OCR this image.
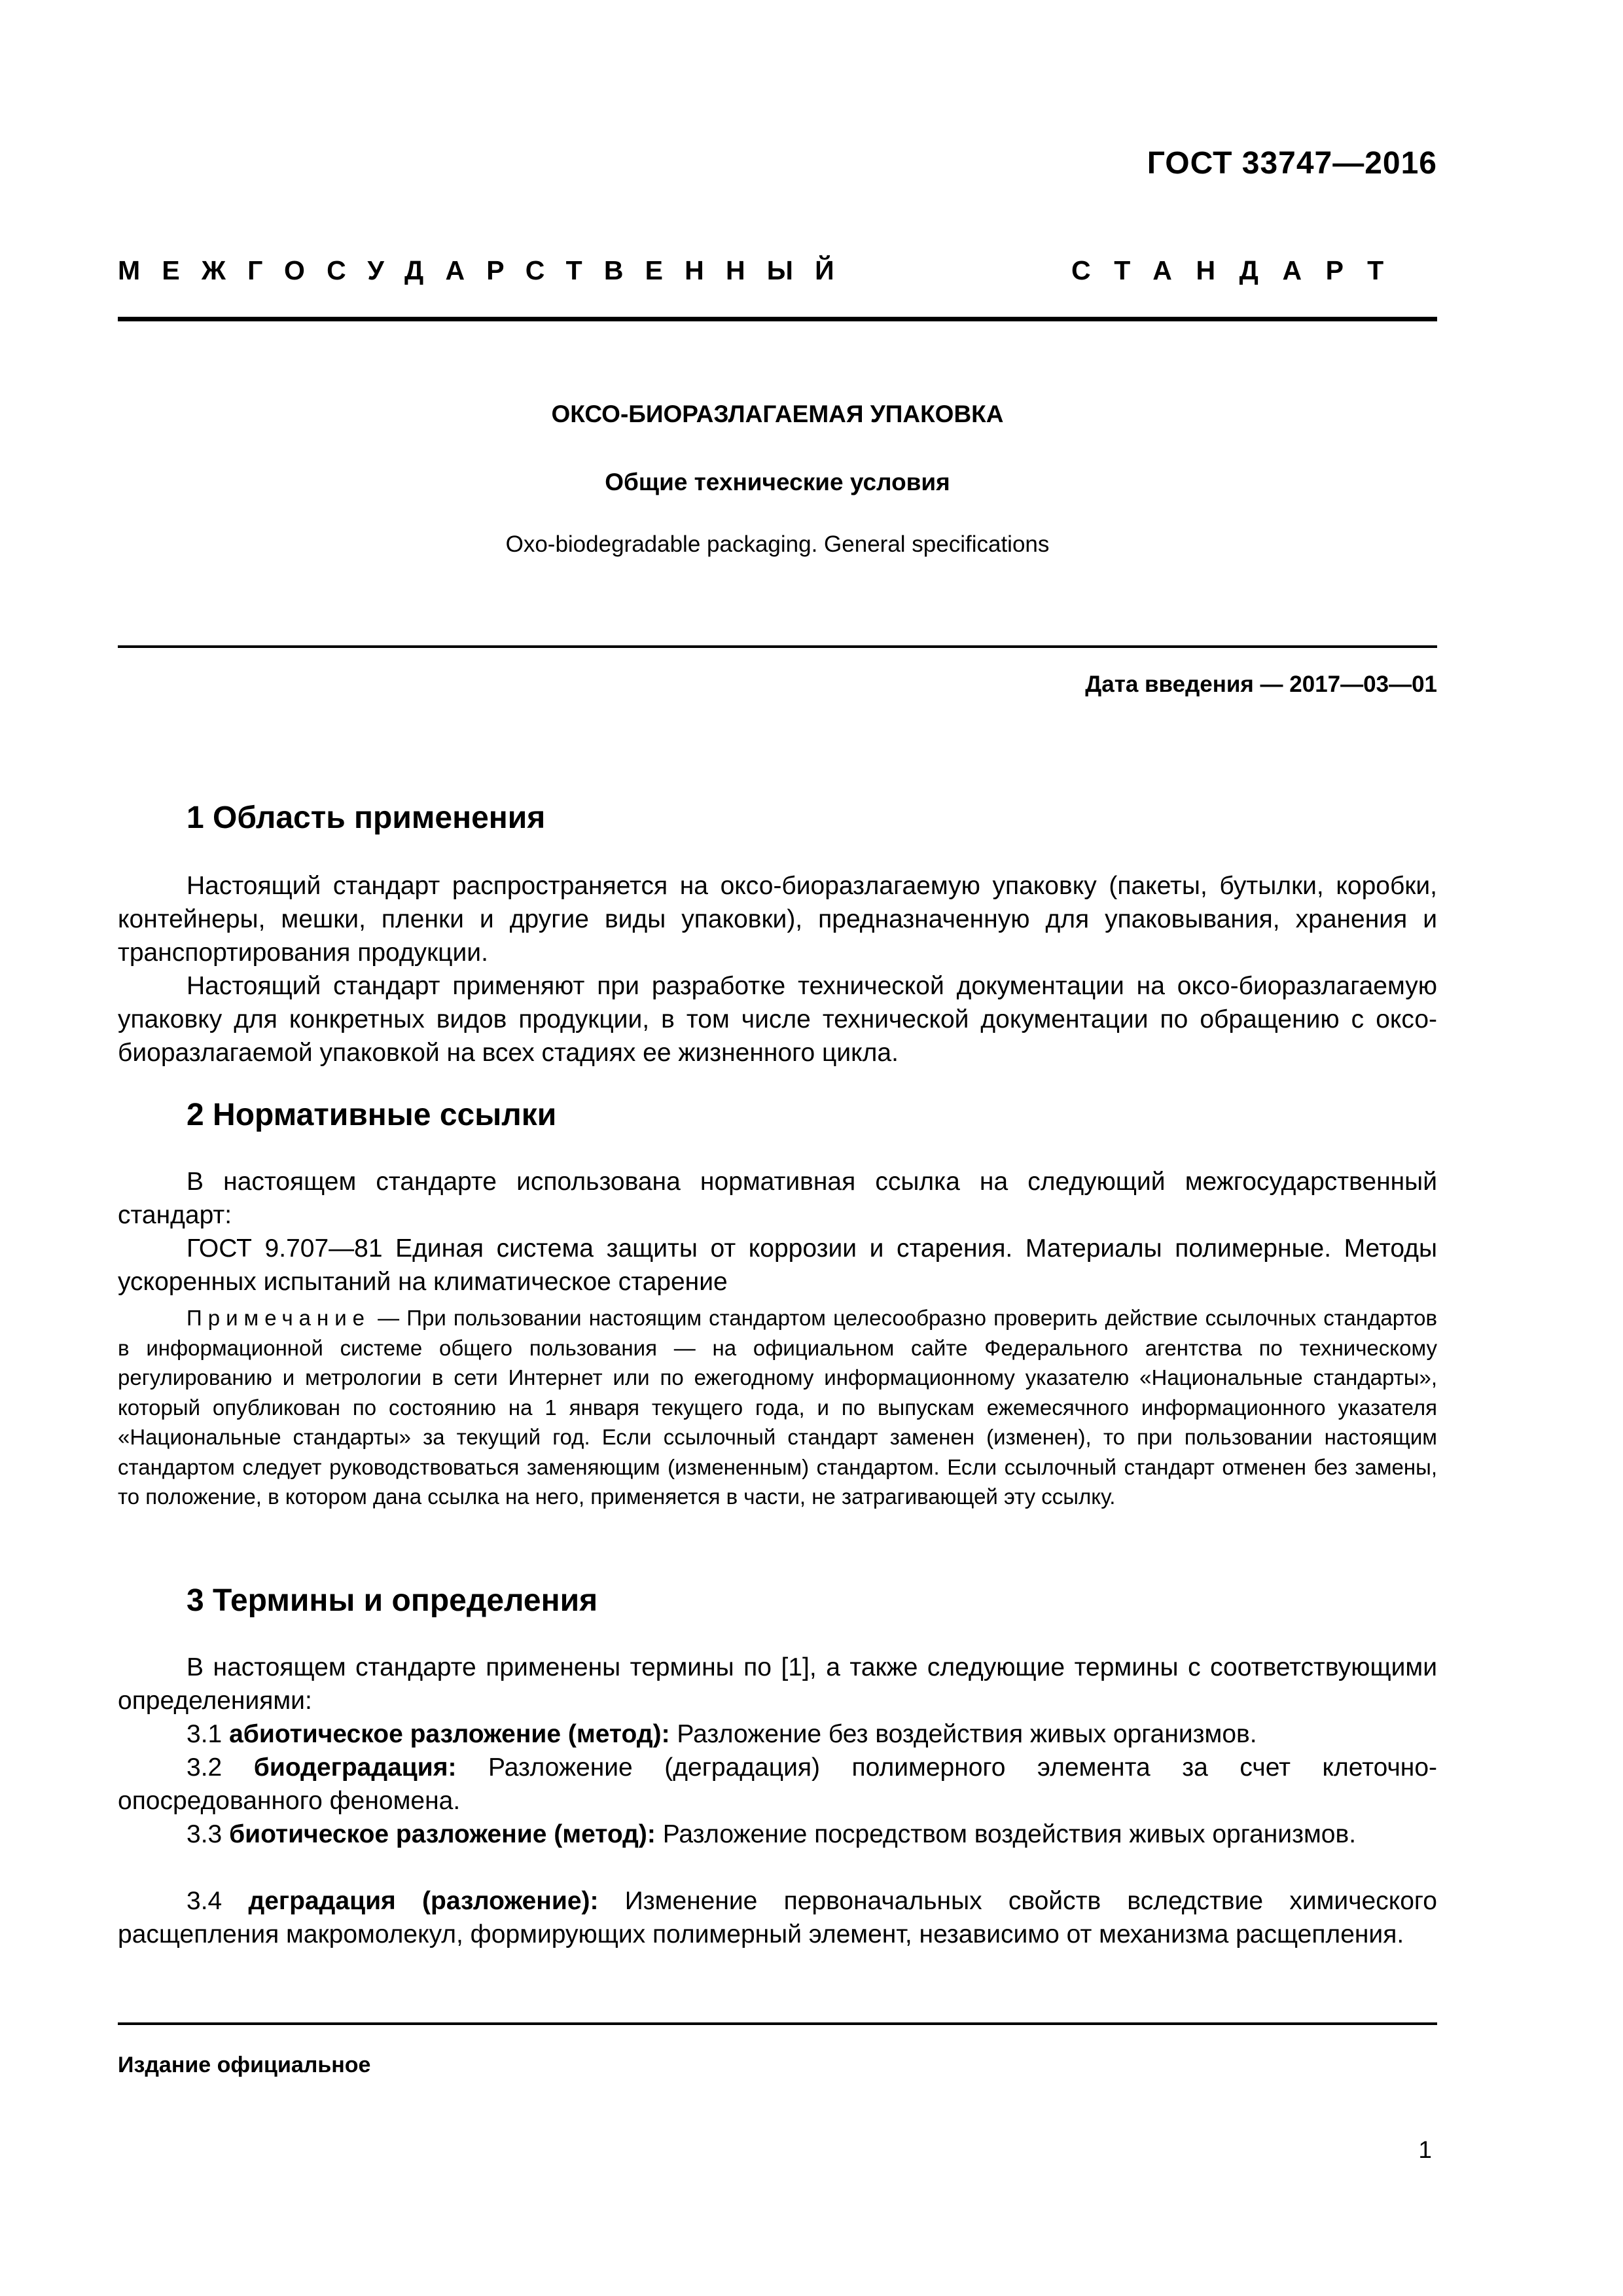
ГОСТ 33747—2016
МЕЖГОСУДАРСТВЕННЫЙ	СТАНДАРТ
ОКСО-БИОРАЗЛАГАЕМАЯ УПАКОВКА
Общие технические условия
Oxo-biodegradable packaging. General specifications
Дата введения — 2017—03—01
1 Область применения

Настоящий стандарт распространяется на оксо-биоразлагаемую упаковку (пакеты, бутылки, коробки, контейнеры, мешки, пленки и другие виды упаковки), предназначенную для упаковывания, хранения и транспортирования продукции.

Настоящий стандарт применяют при разработке технической документации на оксо-биоразлагаемую упаковку для конкретных видов продукции, в том числе технической документации по обращению с оксо-биоразлагаемой упаковкой на всех стадиях ее жизненного цикла.

2 Нормативные ссылки

В настоящем стандарте использована нормативная ссылка на следующий межгосударственный стандарт:

ГОСТ 9.707—81 Единая система защиты от коррозии и старения. Материалы полимерные. Методы ускоренных испытаний на климатическое старение

Примечание — При пользовании настоящим стандартом целесообразно проверить действие ссылочных стандартов в информационной системе общего пользования — на официальном сайте Федерального агентства по техническому регулированию и метрологии в сети Интернет или по ежегодному информационному указателю «Национальные стандарты», который опубликован по состоянию на 1 января текущего года, и по выпускам ежемесячного информационного указателя «Национальные стандарты» за текущий год. Если ссылочный стандарт заменен (изменен), то при пользовании настоящим стандартом следует руководствоваться заменяющим (измененным) стандартом. Если ссылочный стандарт отменен без замены, то положение, в котором дана ссылка на него, применяется в части, не затрагивающей эту ссылку.

3 Термины и определения

В настоящем стандарте применены термины по [1], а также следующие термины с соответствующими определениями:

3.1 абиотическое разложение (метод): Разложение без воздействия живых организмов.

3.2 биодеградация: Разложение (деградация) полимерного элемента за счет клеточно-опосредованного феномена.

3.3 биотическое разложение (метод): Разложение посредством воздействия живых организмов.

3.4 деградация (разложение): Изменение первоначальных свойств вследствие химического расщепления макромолекул, формирующих полимерный элемент, независимо от механизма расщепления.

Издание официальное
1
